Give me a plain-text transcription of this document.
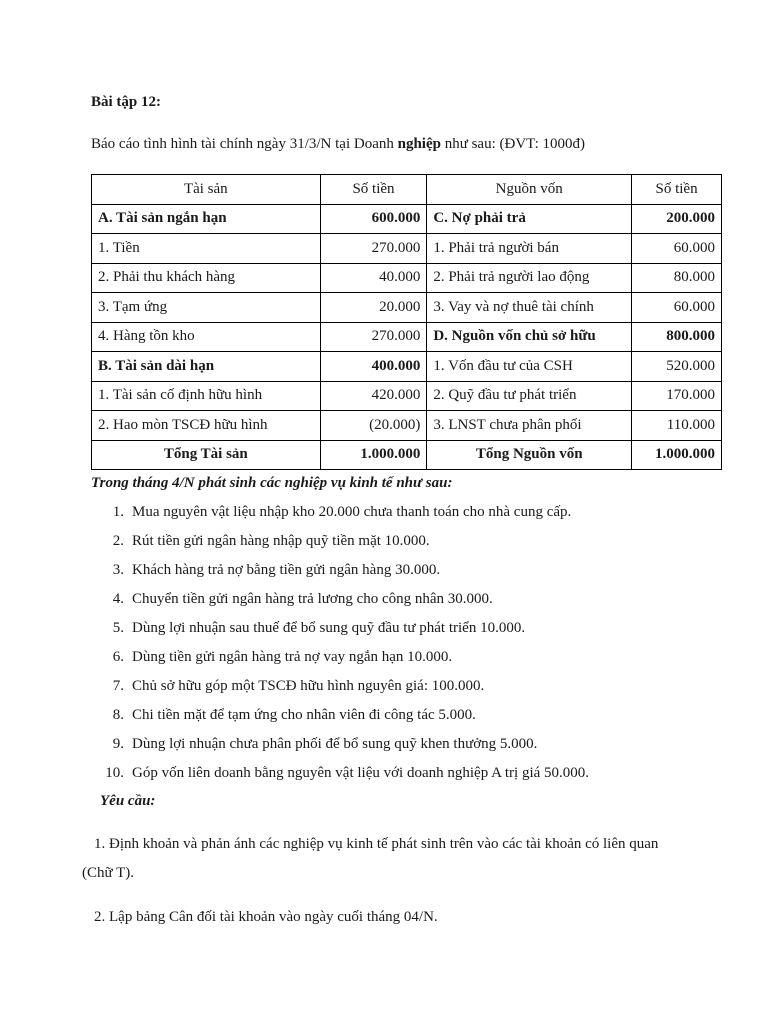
Bài tập 12:
Báo cáo tình hình tài chính ngày 31/3/N tại Doanh nghiệp như sau: (ĐVT: 1000đ)
Tài sản	Số tiền	Nguồn vốn	Số tiền
A. Tài sản ngắn hạn	600.000	C. Nợ phải trả	200.000
1. Tiền	270.000	1. Phải trả người bán	60.000
2. Phải thu khách hàng	40.000	2. Phải trả người lao động	80.000
3. Tạm ứng	20.000	3. Vay và nợ thuê tài chính	60.000
4. Hàng tồn kho	270.000	D. Nguồn vốn chủ sở hữu	800.000
B. Tài sản dài hạn	400.000	1. Vốn đầu tư của CSH	520.000
1. Tài sản cố định hữu hình	420.000	2. Quỹ đầu tư phát triển	170.000
2. Hao mòn TSCĐ hữu hình	(20.000)	3. LNST chưa phân phối	110.000
Tổng Tài sản	1.000.000	Tổng Nguồn vốn	1.000.000
Trong tháng 4/N phát sinh các nghiệp vụ kinh tế như sau:
1. Mua nguyên vật liệu nhập kho 20.000 chưa thanh toán cho nhà cung cấp.
2. Rút tiền gửi ngân hàng nhập quỹ tiền mặt 10.000.
3. Khách hàng trả nợ bằng tiền gửi ngân hàng 30.000.
4. Chuyển tiền gửi ngân hàng trả lương cho công nhân 30.000.
5. Dùng lợi nhuận sau thuế để bổ sung quỹ đầu tư phát triển 10.000.
6. Dùng tiền gửi ngân hàng trả nợ vay ngắn hạn 10.000.
7. Chủ sở hữu góp một TSCĐ hữu hình nguyên giá: 100.000.
8. Chi tiền mặt để tạm ứng cho nhân viên đi công tác 5.000.
9. Dùng lợi nhuận chưa phân phối để bổ sung quỹ khen thưởng 5.000.
10. Góp vốn liên doanh bằng nguyên vật liệu với doanh nghiệp A trị giá 50.000.
Yêu cầu:
1. Định khoản và phản ánh các nghiệp vụ kinh tế phát sinh trên vào các tài khoản có liên quan (Chữ T).
2. Lập bảng Cân đối tài khoản vào ngày cuối tháng 04/N.
